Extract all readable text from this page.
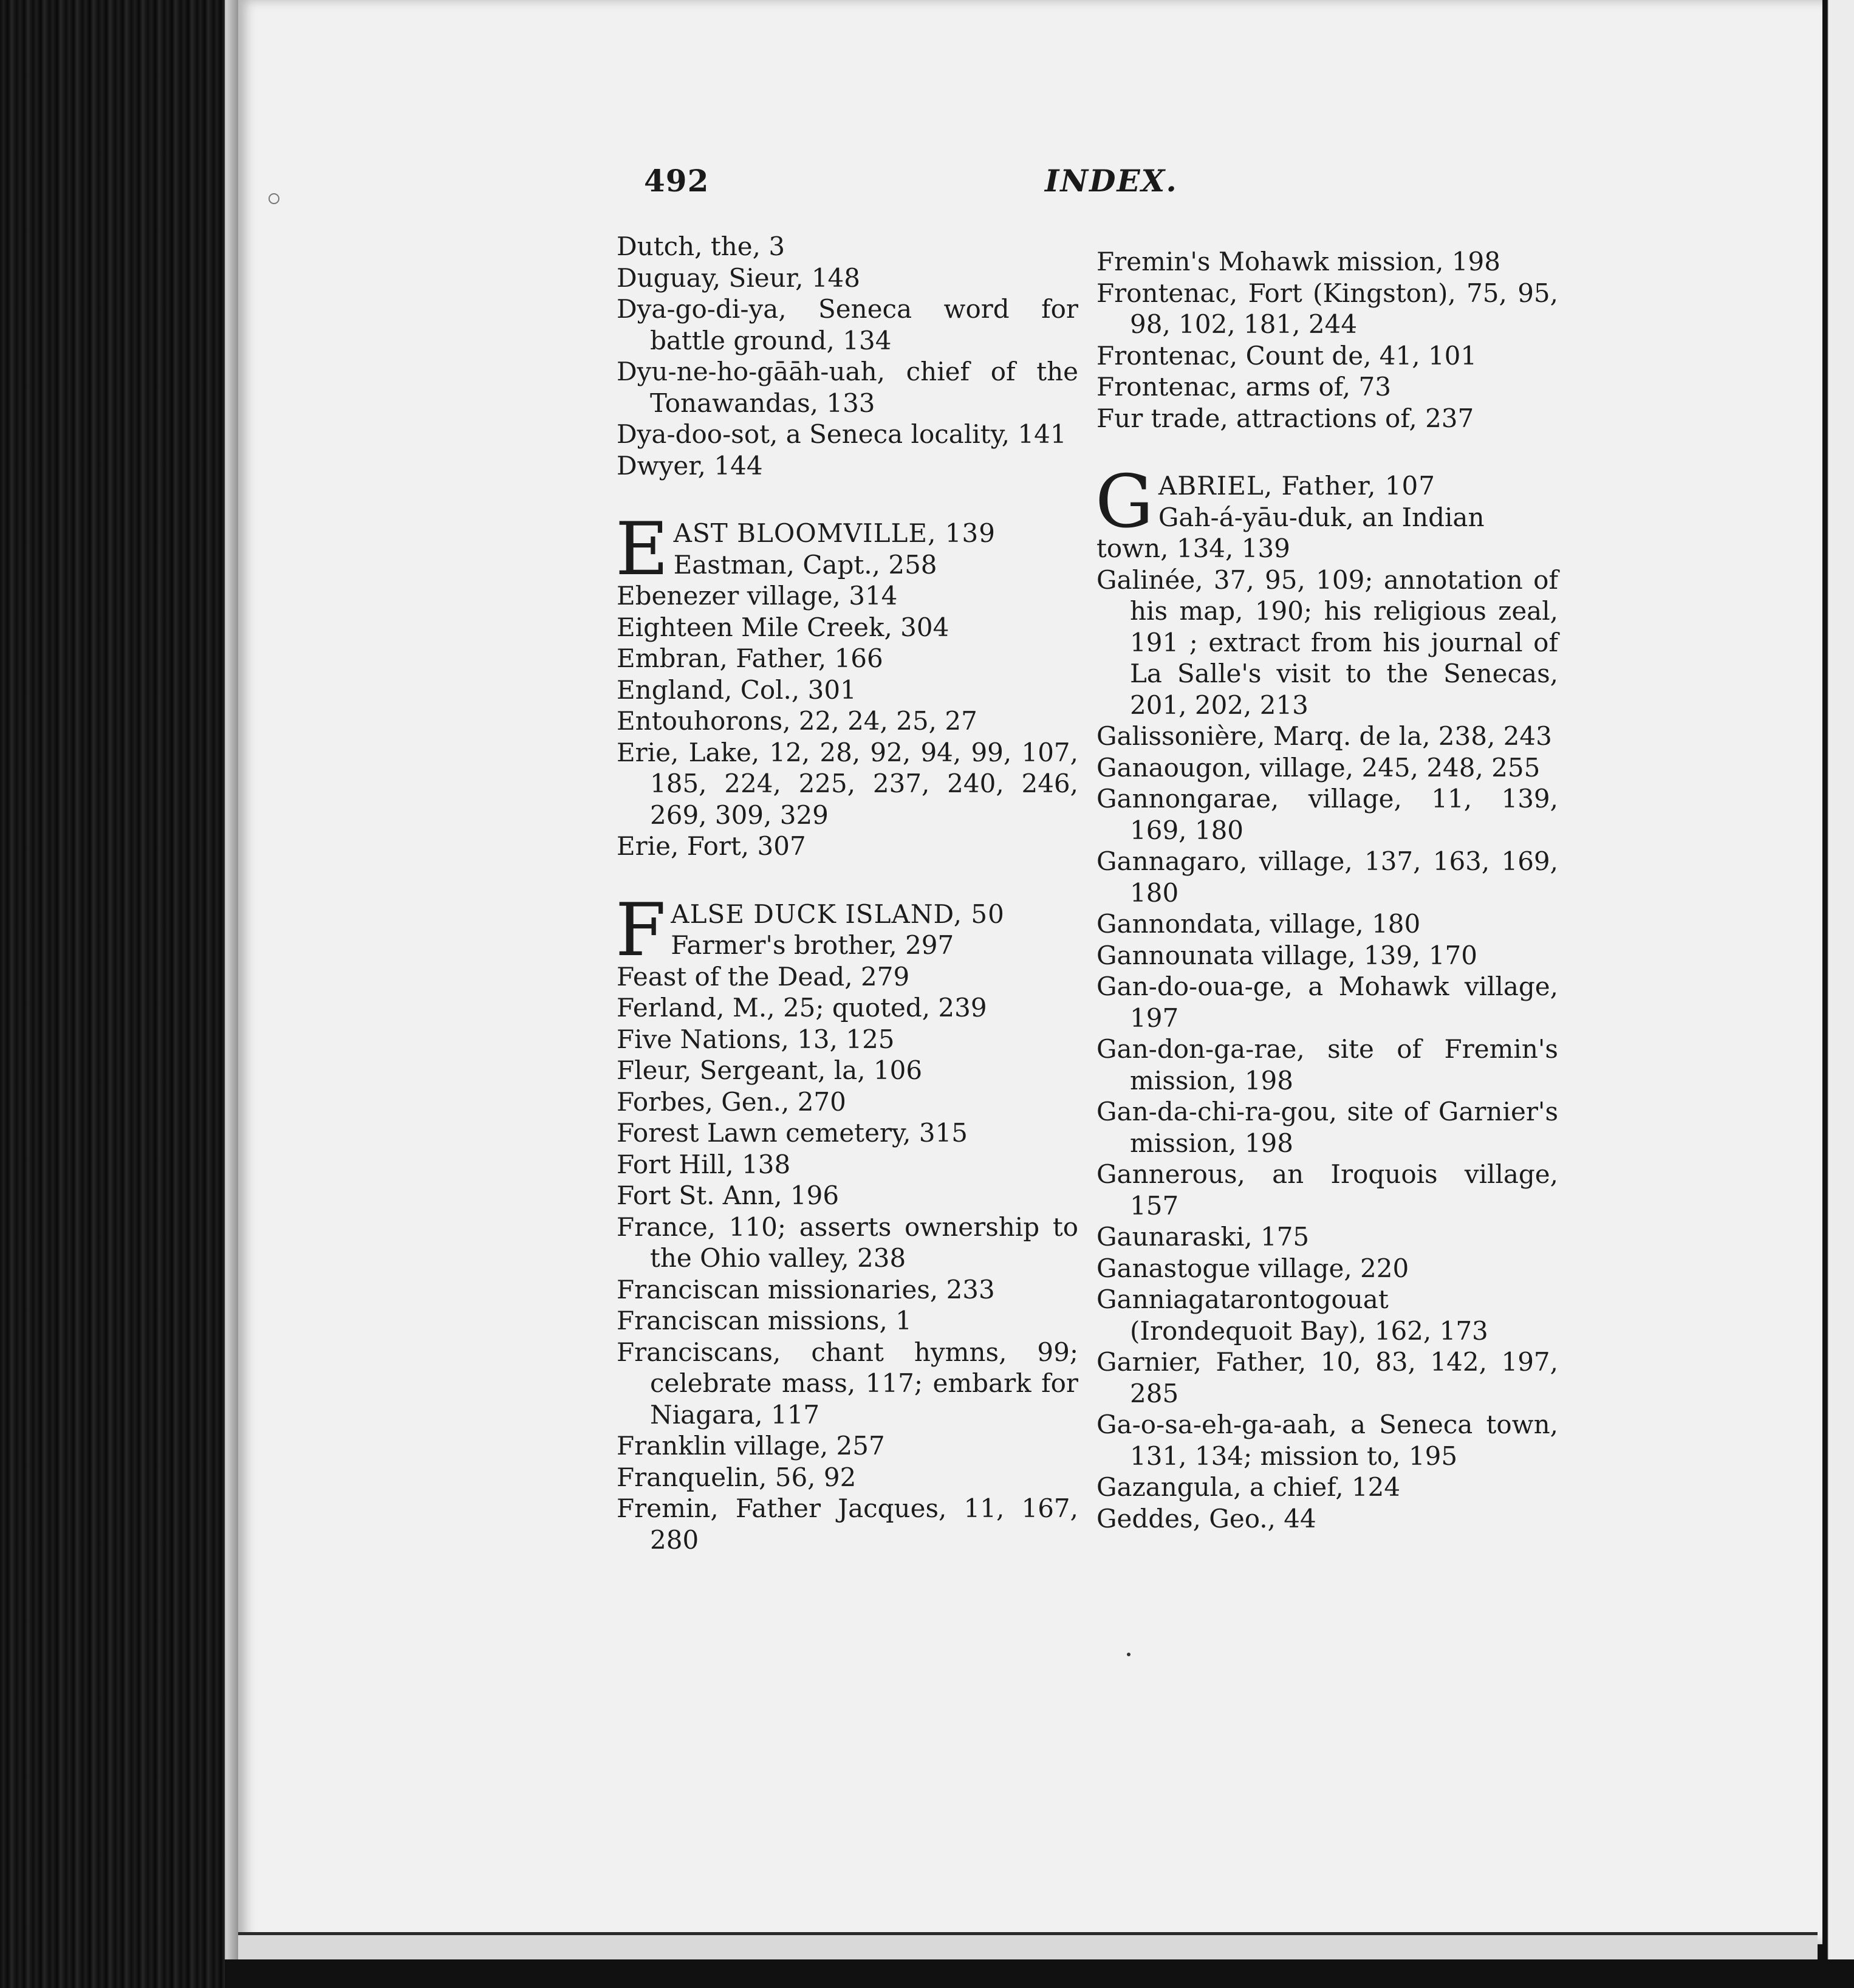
492	INDEX.

Dutch, the, 3

Duguay, Sieur, 148

Dya-go-di-ya, Seneca word for battle ground, 134

Dyu-ne-ho-gāāh-uah, chief of the Tonawandas, 133

Dya-doo-sot, a Seneca locality, 141

Dwyer, 144

E AST BLOOMVILLE, 139

Eastman, Capt., 258

Ebenezer village, 314

Eighteen Mile Creek, 304

Embran, Father, 166

England, Col., 301

Entouhorons, 22, 24, 25, 27

Erie, Lake, 12, 28, 92, 94, 99, 107, 185, 224, 225, 237, 240, 246, 269, 309, 329

Erie, Fort, 307

F ALSE DUCK ISLAND, 50

Farmer's brother, 297

Feast of the Dead, 279

Ferland, M., 25; quoted, 239

Five Nations, 13, 125

Fleur, Sergeant, la, 106

Forbes, Gen., 270

Forest Lawn cemetery, 315

Fort Hill, 138

Fort St. Ann, 196

France, 110; asserts ownership to the Ohio valley, 238

Franciscan missionaries, 233

Franciscan missions, 1

Franciscans, chant hymns, 99; celebrate mass, 117; embark for Niagara, 117

Franklin village, 257

Franquelin, 56, 92

Fremin, Father Jacques, 11, 167, 280

Fremin's Mohawk mission, 198

Frontenac, Fort (Kingston), 75, 95, 98, 102, 181, 244

Frontenac, Count de, 41, 101

Frontenac, arms of, 73

Fur trade, attractions of, 237

G ABRIEL, Father, 107

Gah-á-yāu-duk, an Indian town, 134, 139

Galinée, 37, 95, 109; annotation of his map, 190; his religious zeal, 191 ; extract from his journal of La Salle's visit to the Senecas, 201, 202, 213

Galissonière, Marq. de la, 238, 243

Ganaougon, village, 245, 248, 255

Gannongarae, village, 11, 139, 169, 180

Gannagaro, village, 137, 163, 169, 180

Gannondata, village, 180

Gannounata village, 139, 170

Gan-do-oua-ge, a Mohawk village, 197

Gan-don-ga-rae, site of Fremin's mission, 198

Gan-da-chi-ra-gou, site of Garnier's mission, 198

Gannerous, an Iroquois village, 157

Gaunaraski, 175

Ganastogue village, 220

Ganniagatarontogouat (Irondequoit Bay), 162, 173

Garnier, Father, 10, 83, 142, 197, 285

Ga-o-sa-eh-ga-aah, a Seneca town, 131, 134; mission to, 195

Gazangula, a chief, 124

Geddes, Geo., 44
